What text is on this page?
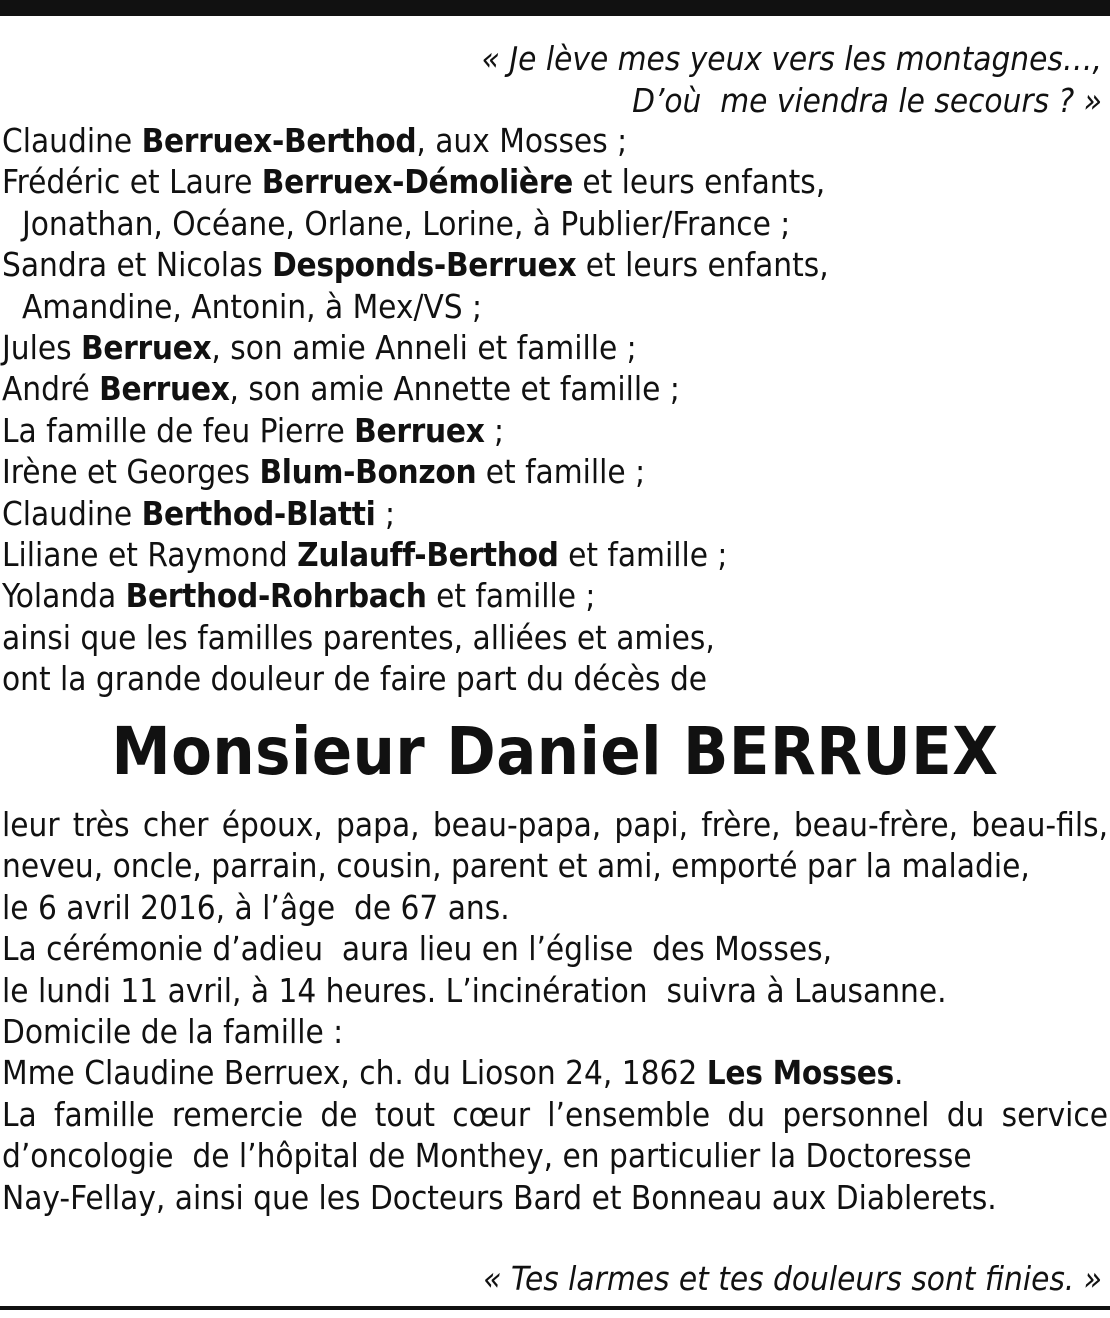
« Je lève mes yeux vers les montagnes…,
D’où  me viendra le secours ? »
Claudine Berruex-Berthod, aux Mosses ;
Frédéric et Laure Berruex-Démolière et leurs enfants,
Jonathan, Océane, Orlane, Lorine, à Publier/France ;
Sandra et Nicolas Desponds-Berruex et leurs enfants,
Amandine, Antonin, à Mex/VS ;
Jules Berruex, son amie Anneli et famille ;
André Berruex, son amie Annette et famille ;
La famille de feu Pierre Berruex ;
Irène et Georges Blum-Bonzon et famille ;
Claudine Berthod-Blatti ;
Liliane et Raymond Zulauff-Berthod et famille ;
Yolanda Berthod-Rohrbach et famille ;
ainsi que les familles parentes, alliées et amies,
ont la grande douleur de faire part du décès de
Monsieur Daniel BERRUEX
leur très cher époux, papa, beau-papa, papi, frère, beau-frère, beau-fils,
neveu, oncle, parrain, cousin, parent et ami, emporté par la maladie,
le 6 avril 2016, à l’âge  de 67 ans.
La cérémonie d’adieu  aura lieu en l’église  des Mosses,
le lundi 11 avril, à 14 heures. L’incinération  suivra à Lausanne.
Domicile de la famille :
Mme Claudine Berruex, ch. du Lioson 24, 1862 Les Mosses.
La famille remercie de tout cœur l’ensemble du personnel du service
d’oncologie  de l’hôpital de Monthey, en particulier la Doctoresse
Nay-Fellay, ainsi que les Docteurs Bard et Bonneau aux Diablerets.
« Tes larmes et tes douleurs sont finies. »
